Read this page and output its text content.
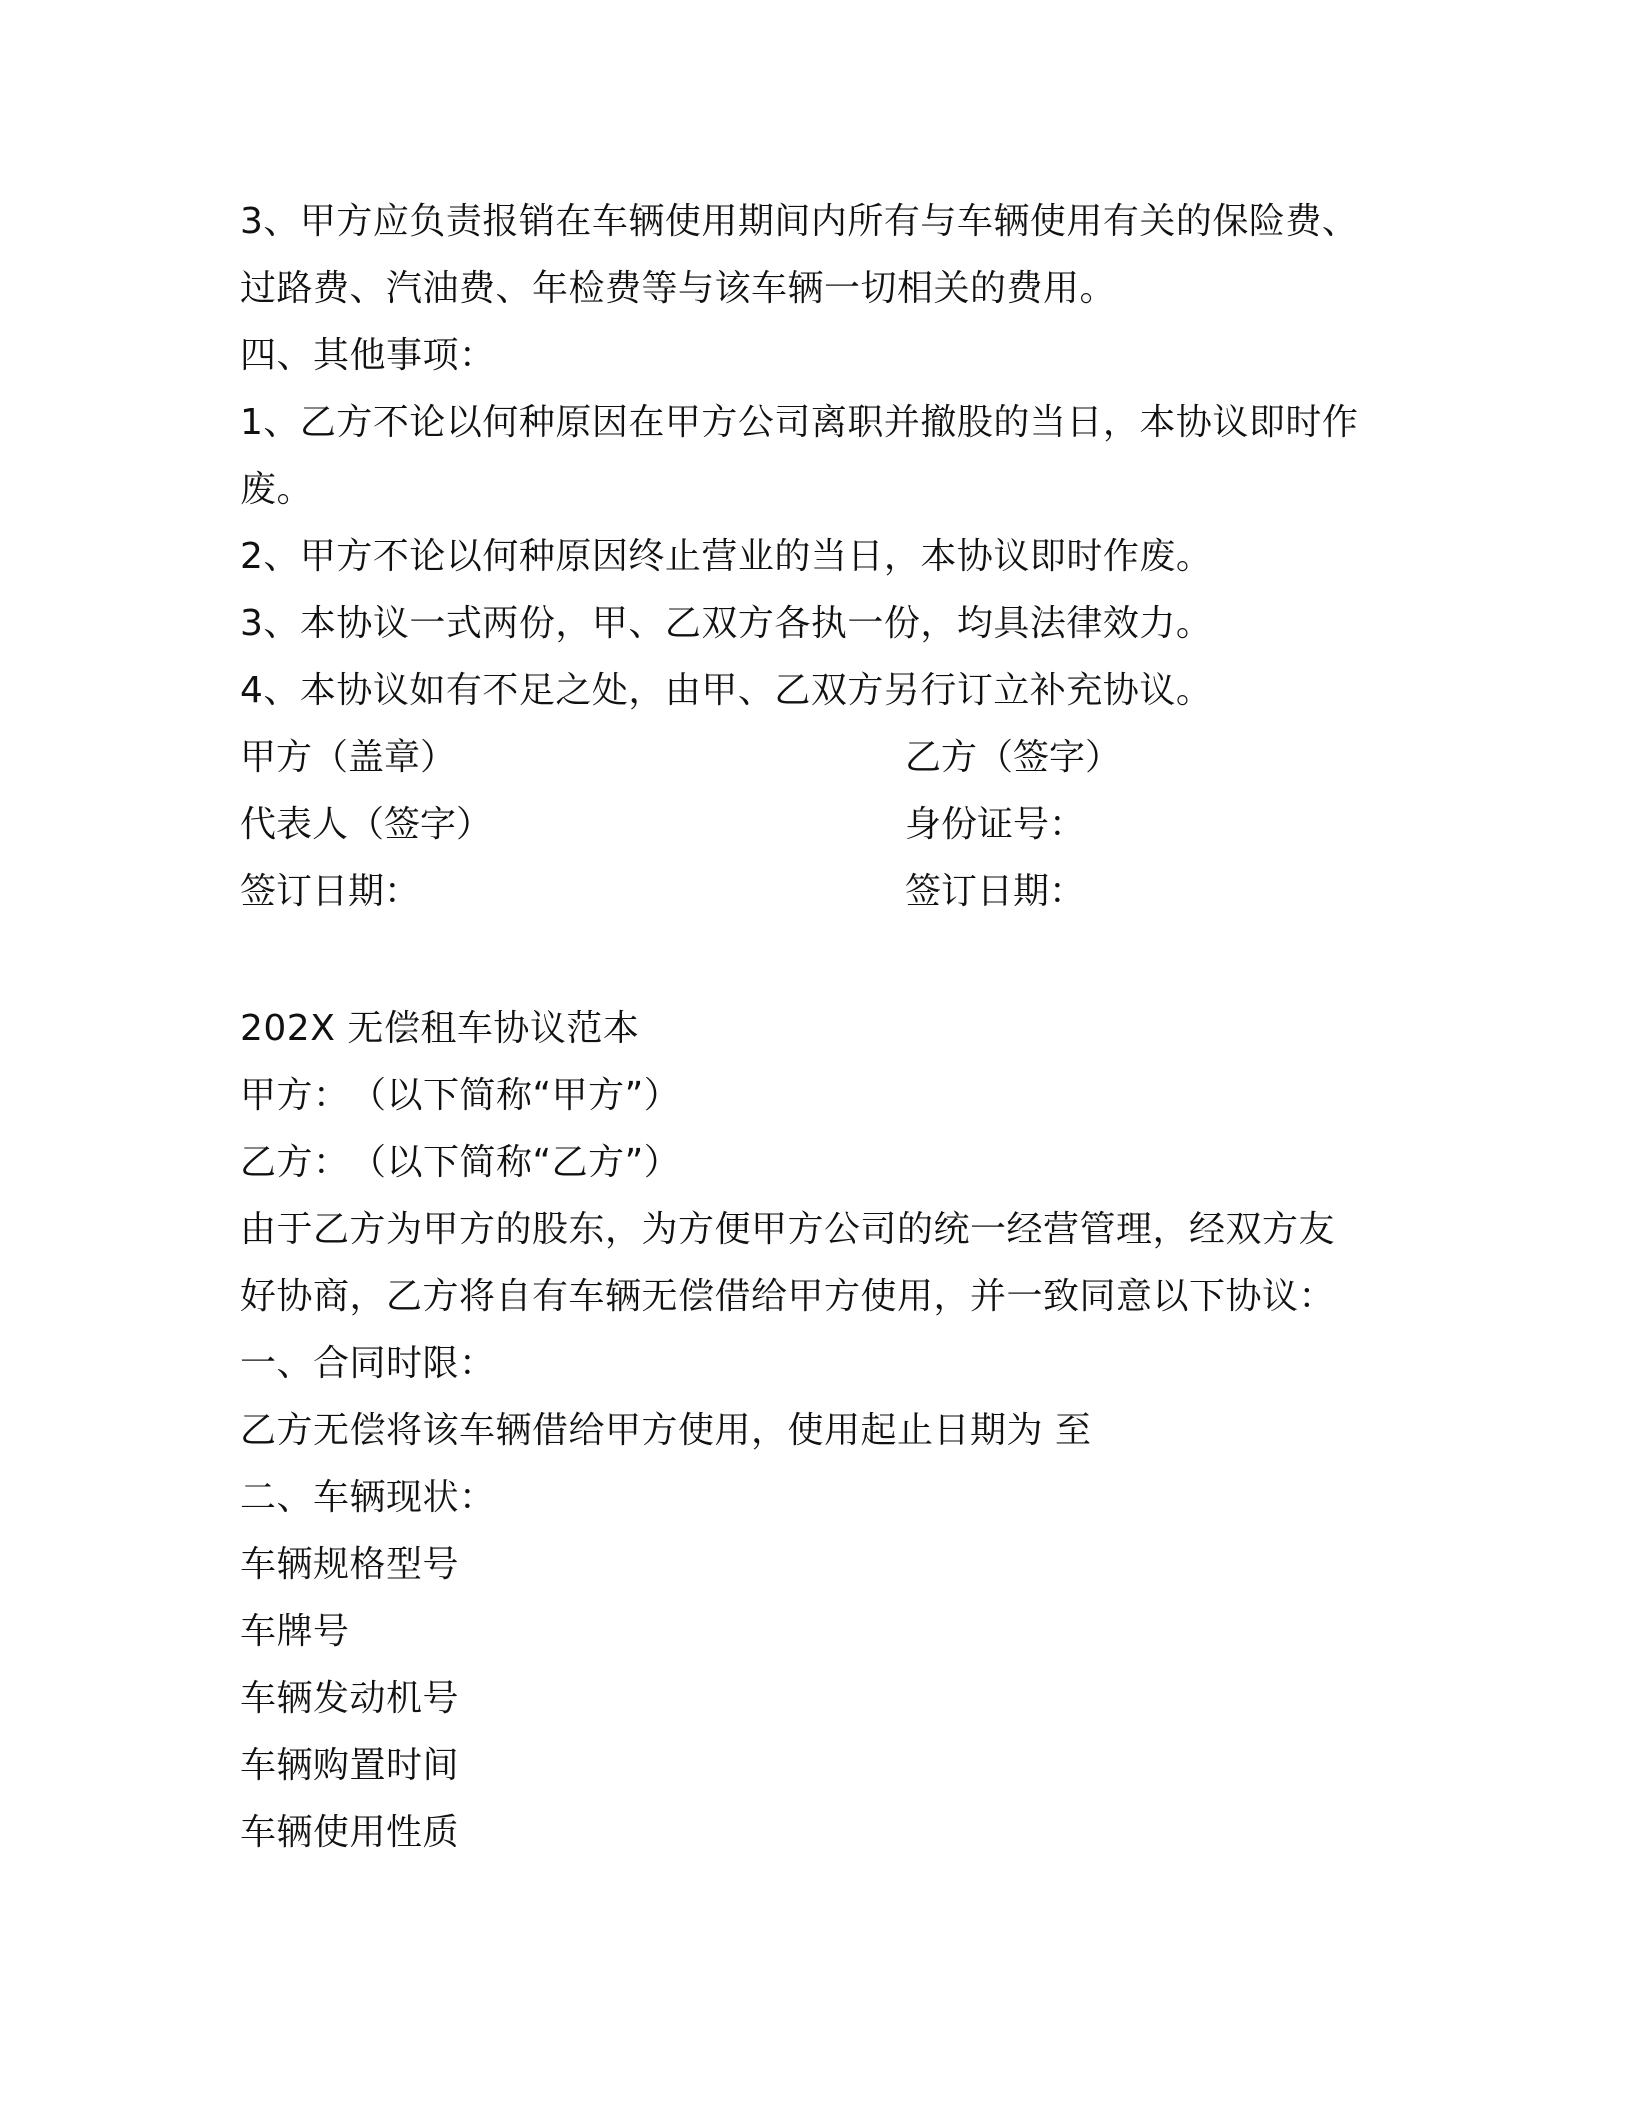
3、甲方应负责报销在车辆使用期间内所有与车辆使用有关的保险费、
过路费、汽油费、年检费等与该车辆一切相关的费用。
四、其他事项：
1、乙方不论以何种原因在甲方公司离职并撤股的当日，本协议即时作
废。
2、甲方不论以何种原因终止营业的当日，本协议即时作废。
3、本协议一式两份，甲、乙双方各执一份，均具法律效力。
4、本协议如有不足之处，由甲、乙双方另行订立补充协议。
甲方（盖章）	乙方（签字）
代表人（签字）	身份证号：
签订日期：	签订日期：
202X 无偿租车协议范本
甲方：　（以下简称“甲方”）
乙方：　（以下简称“乙方”）
由于乙方为甲方的股东，为方便甲方公司的统一经营管理，经双方友
好协商，乙方将自有车辆无偿借给甲方使用，并一致同意以下协议：
一、合同时限：
乙方无偿将该车辆借给甲方使用，使用起止日期为 至
二、车辆现状：
车辆规格型号
车牌号
车辆发动机号
车辆购置时间
车辆使用性质
